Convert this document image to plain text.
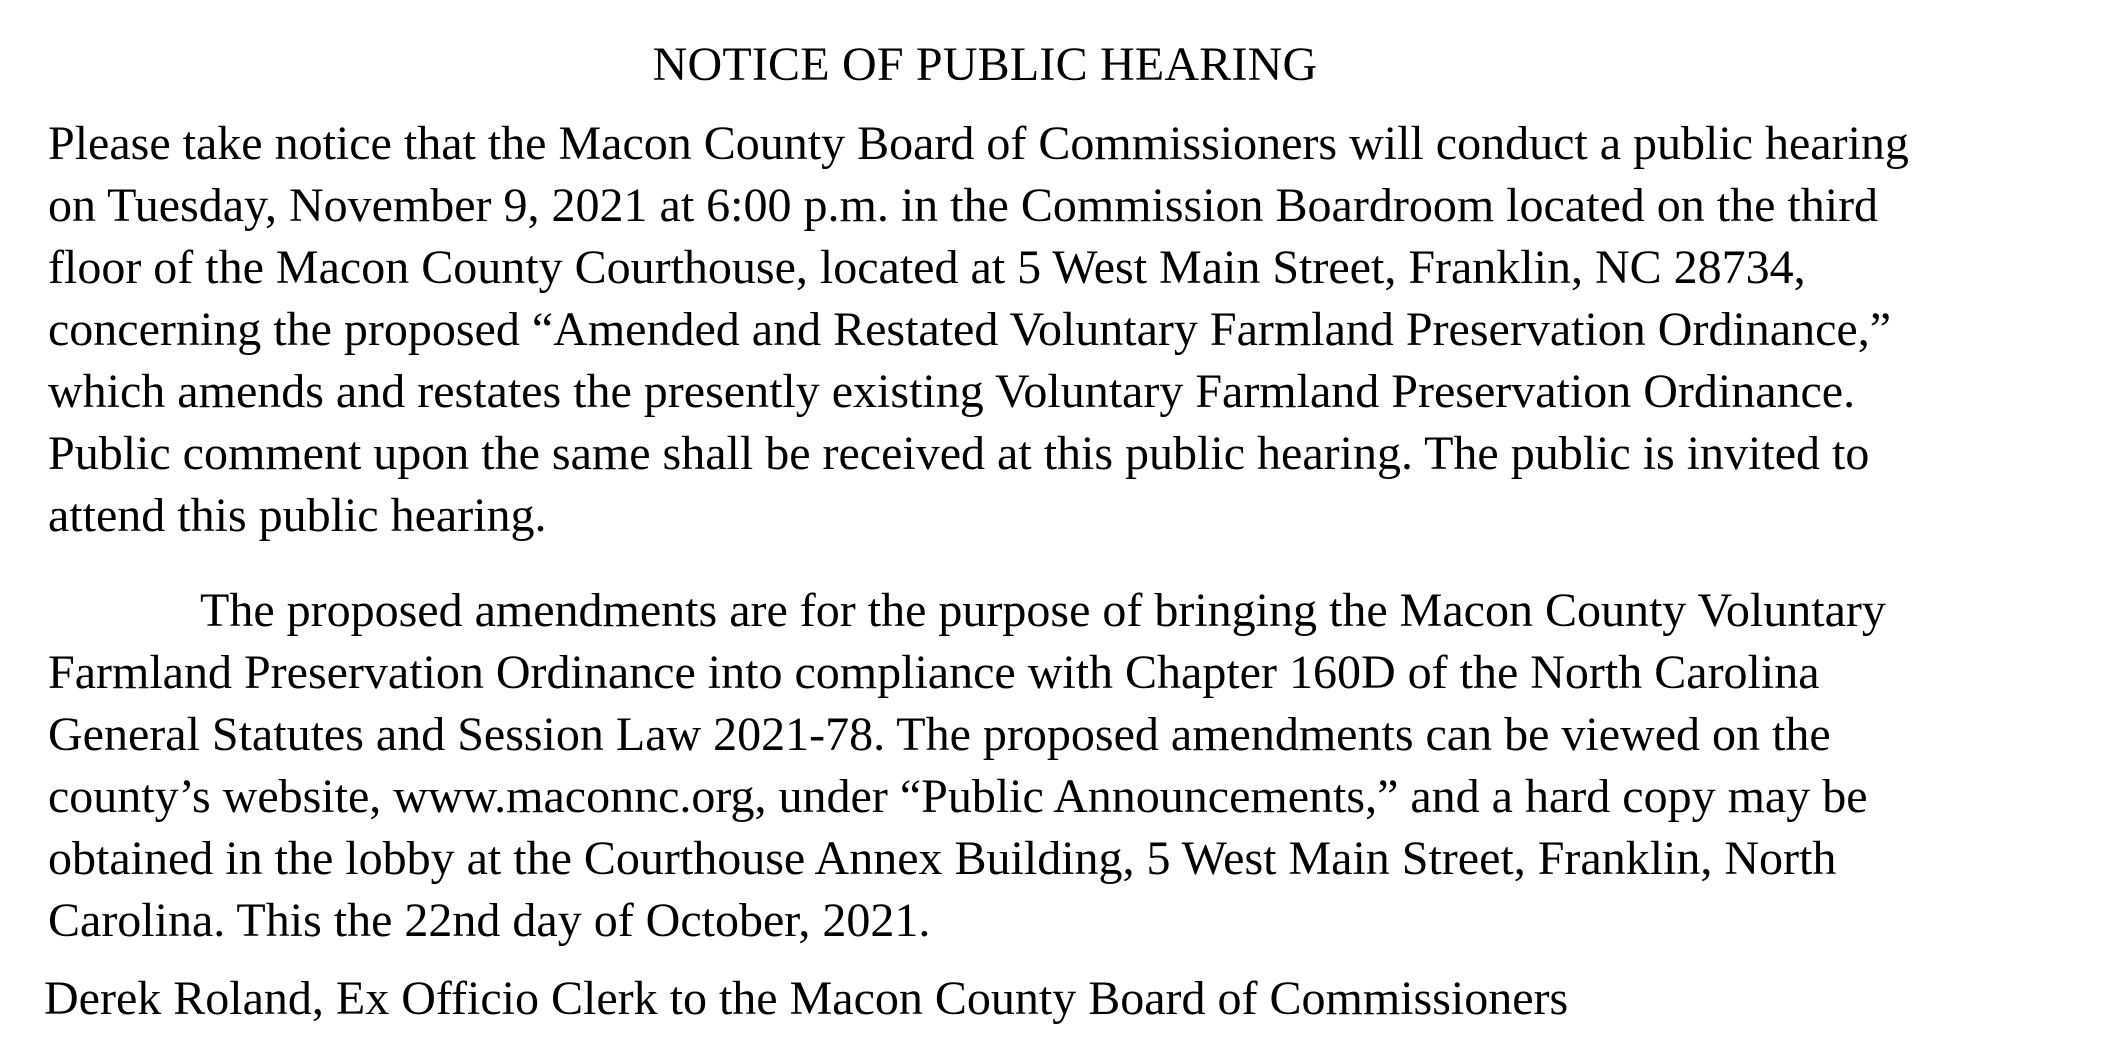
NOTICE OF PUBLIC HEARING

Please take notice that the Macon County Board of Commissioners will conduct a public hearing

on Tuesday, November 9, 2021 at 6:00 p.m. in the Commission Boardroom located on the third

floor of the Macon County Courthouse, located at 5 West Main Street, Franklin, NC 28734,

concerning the proposed “Amended and Restated Voluntary Farmland Preservation Ordinance,”

which amends and restates the presently existing Voluntary Farmland Preservation Ordinance.

Public comment upon the same shall be received at this public hearing. The public is invited to

attend this public hearing.

The proposed amendments are for the purpose of bringing the Macon County Voluntary

Farmland Preservation Ordinance into compliance with Chapter 160D of the North Carolina

General Statutes and Session Law 2021-78. The proposed amendments can be viewed on the

county’s website, www.maconnc.org, under “Public Announcements,” and a hard copy may be

obtained in the lobby at the Courthouse Annex Building, 5 West Main Street, Franklin, North

Carolina. This the 22nd day of October, 2021.

Derek Roland, Ex Officio Clerk to the Macon County Board of Commissioners
